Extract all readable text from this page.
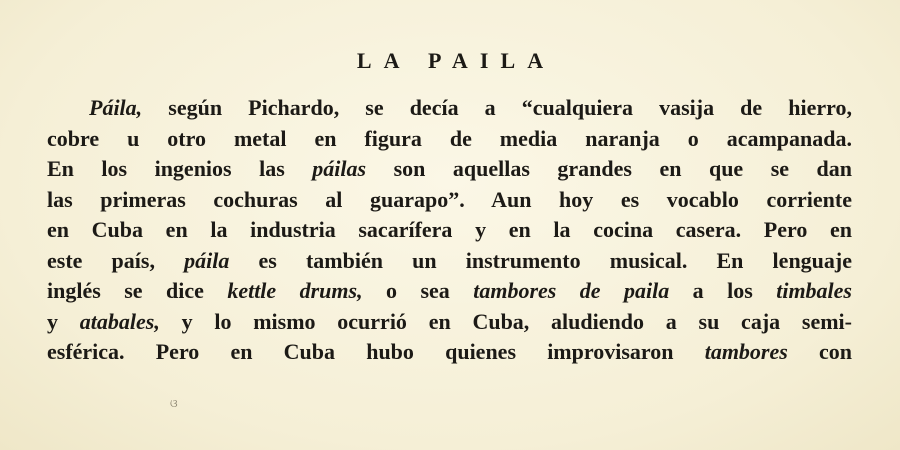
LA PAILA
Páila, según Pichardo, se decía a “cualquiera vasija de hierro,
cobre u otro metal en figura de media naranja o acampanada.
En los ingenios las páilas son aquellas grandes en que se dan
las primeras cochuras al guarapo”. Aun hoy es vocablo corriente
en Cuba en la industria sacarífera y en la cocina casera. Pero en
este país, páila es también un instrumento musical. En lenguaje
inglés se dice kettle drums, o sea tambores de paila a los timbales
y atabales, y lo mismo ocurrió en Cuba, aludiendo a su caja semi-
esférica. Pero en Cuba hubo quienes improvisaron tambores con
ଓ
